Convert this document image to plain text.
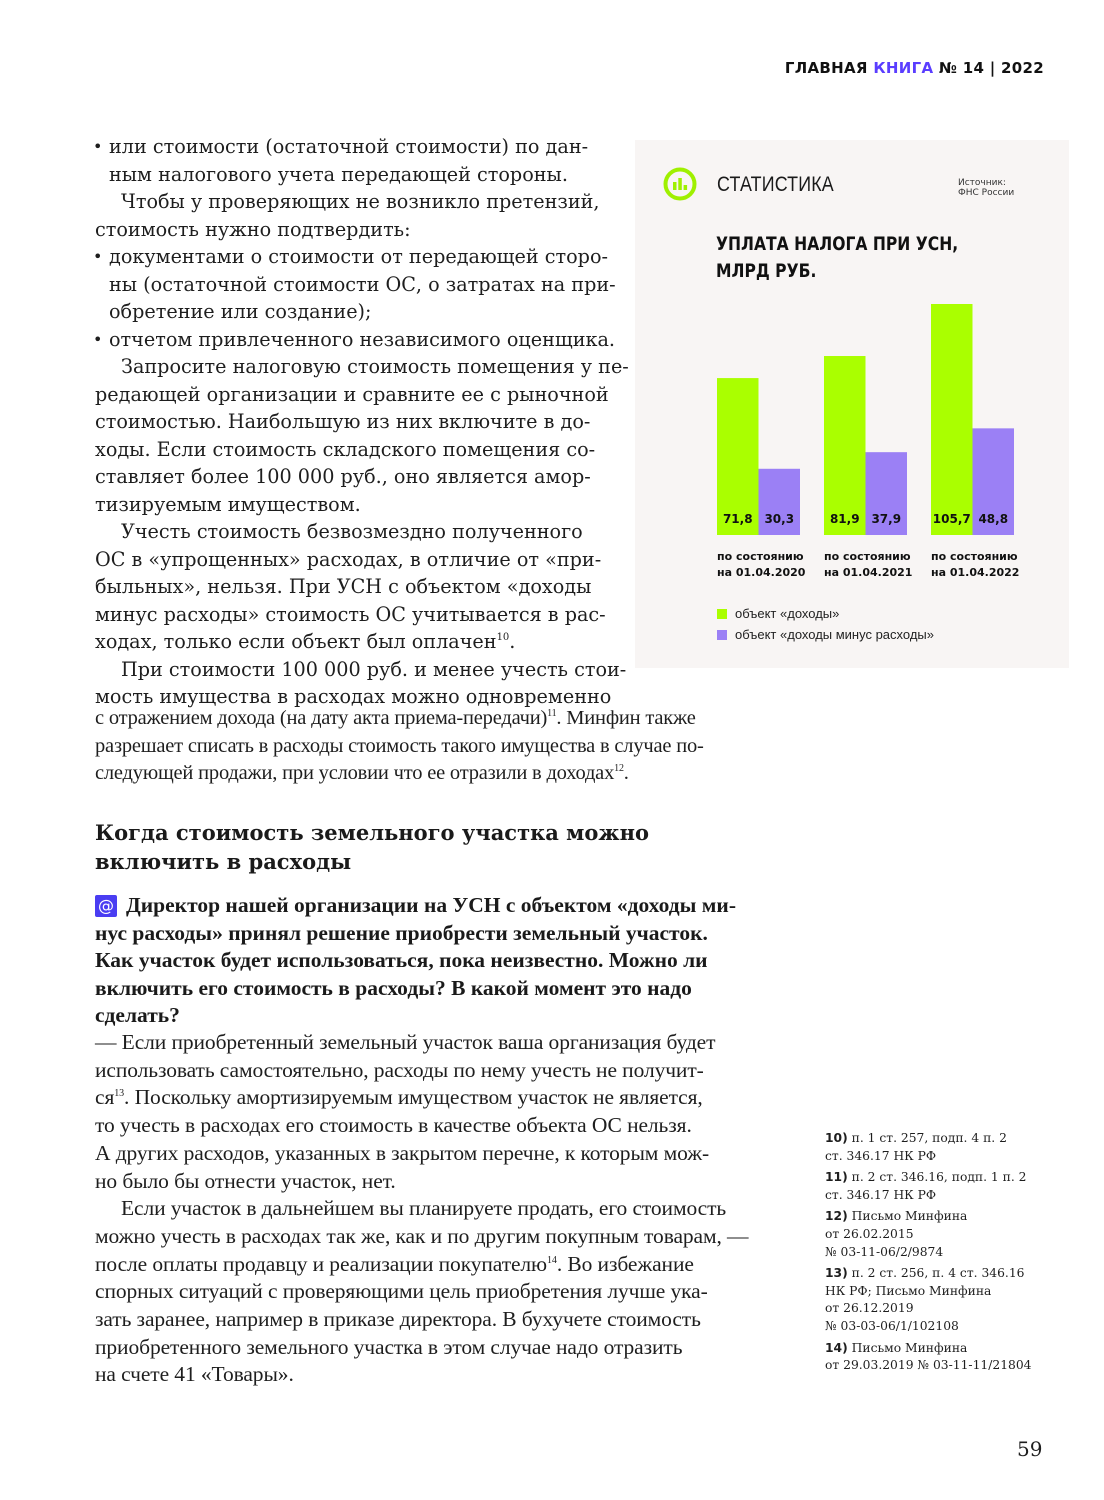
ГЛАВНАЯ КНИГА № 14 | 2022
• или стоимости (остаточной стоимости) по дан-
ным налогового учета передающей стороны.
Чтобы у проверяющих не возникло претензий,
стоимость нужно подтвердить:
• документами о стоимости от передающей сторо-
ны (остаточной стоимости ОС, о затратах на при-
обретение или создание);
• отчетом привлеченного независимого оценщика.
Запросите налоговую стоимость помещения у пе-
редающей организации и сравните ее с рыночной
стоимостью. Наибольшую из них включите в до-
ходы. Если стоимость складского помещения со-
ставляет более 100 000 руб., оно является амор-
тизируемым имуществом.
Учесть стоимость безвозмездно полученного
ОС в «упрощенных» расходах, в отличие от «при-
быльных», нельзя. При УСН с объектом «доходы
минус расходы» стоимость ОС учитывается в рас-
ходах, только если объект был оплачен$^{10}$.
При стоимости 100 000 руб. и менее учесть стои-
мость имущества в расходах можно одновременно
с отражением дохода (на дату акта приема-передачи)$^{11}$. Минфин также
разрешает списать в расходы стоимость такого имущества в случае по-
следующей продажи, при условии что ее отразили в доходах$^{12}$.
Когда стоимость земельного участка можно
включить в расходы
@ Директор нашей организации на УСН с объектом «доходы ми-
нус расходы» принял решение приобрести земельный участок.
Как участок будет использоваться, пока неизвестно. Можно ли
включить его стоимость в расходы? В какой момент это надо
сделать?
— Если приобретенный земельный участок ваша организация будет
использовать самостоятельно, расходы по нему учесть не получит-
$ся^{13}$. Поскольку амортизируемым имуществом участок не является,
то учесть в расходах его стоимость в качестве объекта ОС нельзя.
А других расходов, указанных в закрытом перечне, к которым мож-
но было бы отнести участок, нет.
Если участок в дальнейшем вы планируете продать, его стоимость
можно учесть в расходах так же, как и по другим покупным товарам, —
после оплаты продавцу и реализации покупателю$^{14}$. Во избежание
спорных ситуаций с проверяющими цель приобретения лучше ука-
зать заранее, например в приказе директора. В бухучете стоимость
приобретенного земельного участка в этом случае надо отразить
на счете 41 «Товары».
СТАТИСТИКА	Источник:
ФНС России
УПЛАТА НАЛОГА ПРИ УСН,
МЛРД РУБ.
71,8 30,3
по состоянию
на 01.04.2020
81,9 37,9
по состоянию
на 01.04.2021
105,7 48,8
по состоянию
на 01.04.2022
объект «доходы»
объект «доходы минус расходы»
10) п. 1 ст. 257, подп. 4 п. 2
ст. 346.17 НК РФ
11) п. 2 ст. 346.16, подп. 1 п. 2
ст. 346.17 НК РФ
12) Письмо Минфина
от 26.02.2015
№ 03-11-06/2/9874
13) п. 2 ст. 256, п. 4 ст. 346.16
НК РФ; Письмо Минфина
от 26.12.2019
№ 03-03-06/1/102108
14) Письмо Минфина
от 29.03.2019 № 03-11-11/21804
59
